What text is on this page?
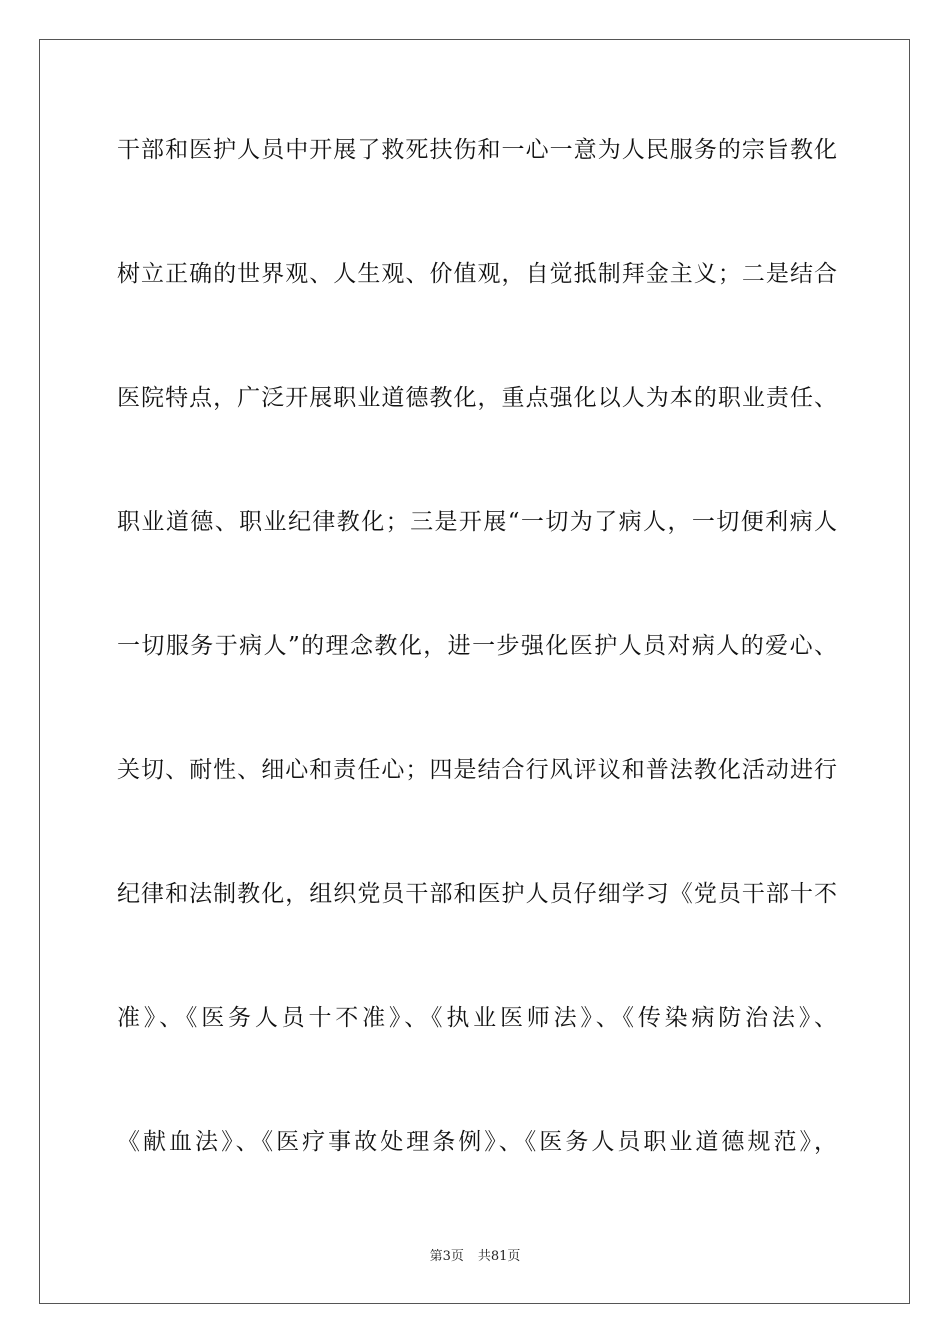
干部和医护人员中开展了救死扶伤和一心一意为人民服务的宗旨教化
树立正确的世界观、人生观、价值观，自觉抵制拜金主义；二是结合
医院特点，广泛开展职业道德教化，重点强化以人为本的职业责任、
职业道德、职业纪律教化；三是开展“一切为了病人，一切便利病人
一切服务于病人”的理念教化，进一步强化医护人员对病人的爱心、
关切、耐性、细心和责任心；四是结合行风评议和普法教化活动进行
纪律和法制教化，组织党员干部和医护人员仔细学习《党员干部十不
准》、《医务人员十不准》、《执业医师法》、《传染病防治法》、
《献血法》、《医疗事故处理条例》、《医务人员职业道德规范》，
第3页 共81页
